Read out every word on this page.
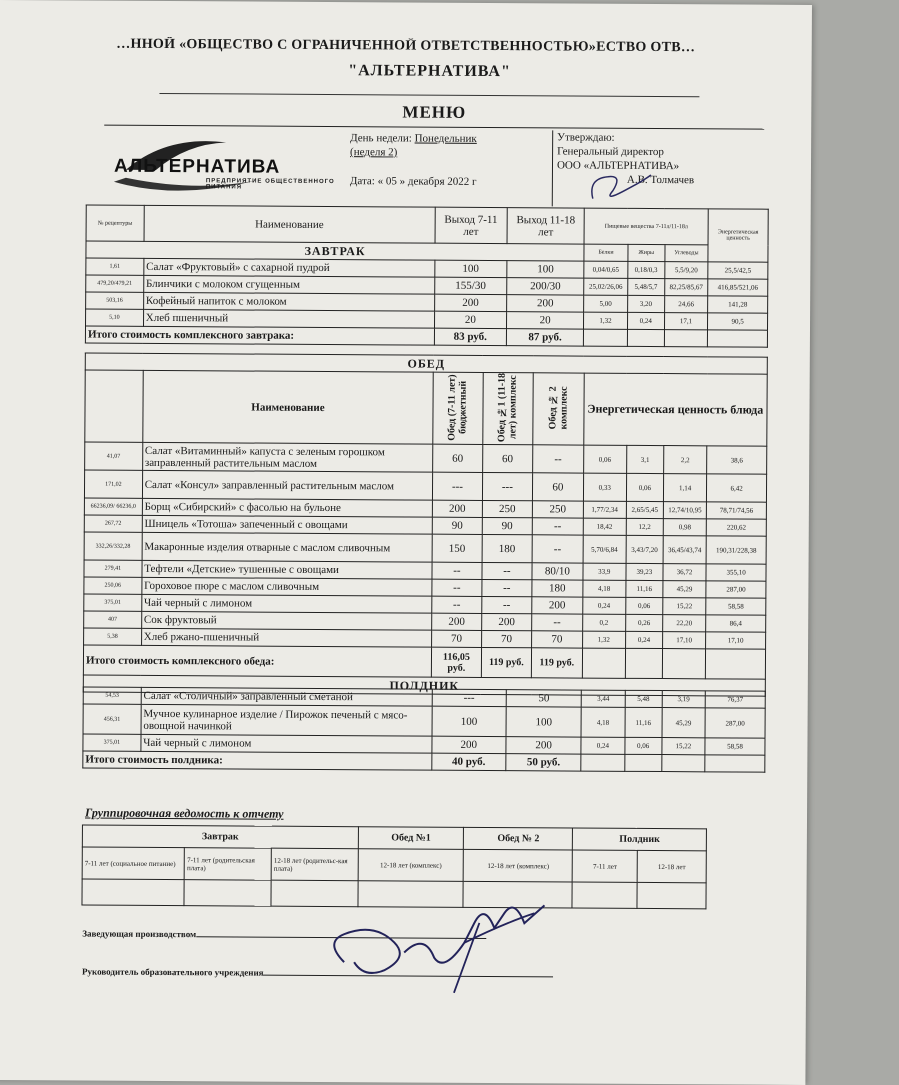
…ННОЙ «ОБЩЕСТВО С ОГРАНИЧЕННОЙ ОТВЕТСТВЕННОСТЬЮ»ЕСТВО ОТВ…
"АЛЬТЕРНАТИВА"
МЕНЮ
АЛЬТЕРНАТИВА
ПРЕДПРИЯТИЕ ОБЩЕСТВЕННОГО ПИТАНИЯ
День недели: Понедельник
(неделя 2)
Дата: « 05 » декабря 2022 г
Утверждаю:
Генеральный директор
ООО «АЛЬТЕРНАТИВА»
А.В. Толмачев
№ рецептуры	Наименование	Выход 7-11 лет	Выход 11-18 лет	Пищевые вещества 7-11л/11-18л			Энергетическая ценность
ЗАВТРАК				Белки	Жиры	Углеводы	
1,61	Салат «Фруктовый» с сахарной пудрой	100	100	0,04/0,65	0,18/0,3	5,5/9,20	25,5/42,5
479,20/479,21	Блинчики с молоком сгущенным	155/30	200/30	25,02/26,06	5,48/5,7	82,25/85,67	416,85/521,06
503,16	Кофейный напиток с молоком	200	200	5,00	3,20	24,66	141,28
5,10	Хлеб пшеничный	20	20	1,32	0,24	17,1	90,5
Итого стоимость комплексного завтрака:		83 руб.	87 руб.				
ОБЕД								
	Наименование	Обед (7-11 лет) бюджетный	Обед №1 (11-18 лет) комплекс	Обед № 2 комплекс	Энергетическая ценность блюда			
41,07	Салат «Витаминный» капуста с зеленым горошком заправленный растительным маслом	60	60	--	0,06	3,1	2,2	38,6
171,02	Салат «Консул» заправленный растительным маслом	---	---	60	0,33	0,06	1,14	6,42
66236,09/ 66236,0	Борщ «Сибирский» с фасолью на бульоне	200	250	250	1,77/2,34	2,65/5,45	12,74/10,95	78,71/74,56
267,72	Шницель «Тотоша» запеченный с овощами	90	90	--	18,42	12,2	0,98	220,62
332,26/332,28	Макаронные изделия отварные с маслом сливочным	150	180	--	5,70/6,84	3,43/7,20	36,45/43,74	190,31/228,38
279,41	Тефтели «Детские» тушенные с овощами	--	--	80/10	33,9	39,23	36,72	355,10
250,06	Гороховое пюре с маслом сливочным	--	--	180	4,18	11,16	45,29	287,00
375,01	Чай черный с лимоном	--	--	200	0,24	0,06	15,22	58,58
407	Сок фруктовый	200	200	--	0,2	0,26	22,20	86,4
5,38	Хлеб ржано-пшеничный	70	70	70	1,32	0,24	17,10	17,10
Итого стоимость комплексного обеда:		116,05 руб.	119 руб.	119 руб.				
ПОЛДНИК								
54,53	Салат «Столичный» заправленный сметаной	---	50	3,44	5,48	3,19	76,37
456,31	Мучное кулинарное изделие / Пирожок печеный с мясо-овощной начинкой	100	100	4,18	11,16	45,29	287,00
375,01	Чай черный с лимоном	200	200	0,24	0,06	15,22	58,58
Итого стоимость полдника:		40 руб.	50 руб.				
Группировочная ведомость к отчету
Завтрак			Обед №1	Обед № 2	Полдник	
7-11 лет (социальное питание)	7-11 лет (родительская плата)	12-18 лет (родительс-кая плата)	12-18 лет (комплекс)	12-18 лет (комплекс)	7-11 лет	12-18 лет

Заведующая производством
Руководитель образовательного учреждения
